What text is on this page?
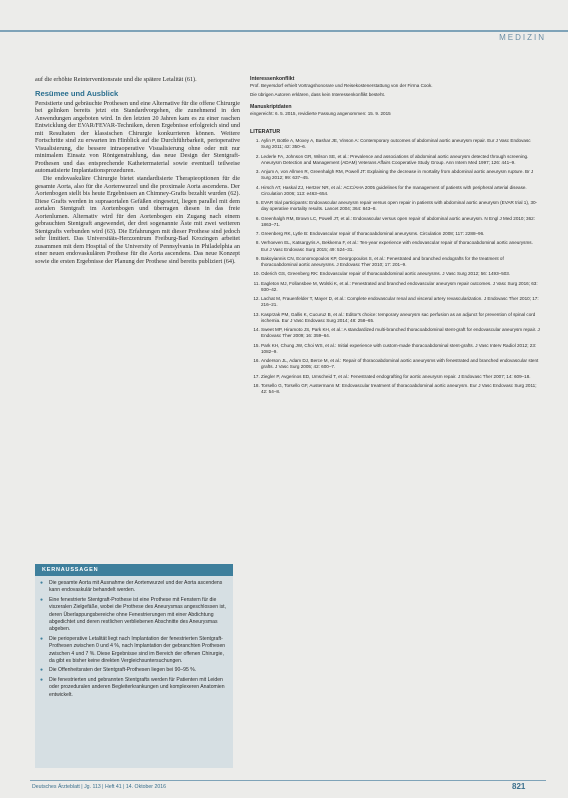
MEDIZIN

auf die erhöhte Reinterventionsrate und die spätere Letalität (61).

Resümee und Ausblick

Persistierte und gebräuchte Prothesen und eine Alternative für die offene Chirurgie bei gelinken bereits jetzt ein Standardvorgehen, die zunehmend in den Anwendungen angeboten wird. In den letzten 20 Jahren kam es zu einer raschen Entwicklung der EVAR/FEVAR-Techniken, deren Ergebnisse erfolgreich sind und mit Resultaten der klassischen Chirurgie konkurrieren können. Weitere Fortschritte sind zu erwarten im Hinblick auf die Durchführbarkeit, perioperative Visualisierung, die bessere intraoperative Visualisierung ohne oder mit nur minimalem Einsatz von Röntgenstrahlung, das neue Design der Stentgraft-Prothesen und das entsprechende Kathetermaterial sowie eventuell teilweise automatisierte Implantationsprozeduren.

Die endovaskuläre Chirurgie bietet standardisierte Therapieoptionen für die gesamte Aorta, also für die Aortenwurzel und die proximale Aorta ascendens. Der Aortenbogen stellt bis heute Ergebnissen an Chimney-Grafts bezahlt wurden (62). Diese Grafts werden in supraaortalen Gefäßen eingesetzt, liegen parallel mit dem aortalen Stentgraft im Aortenbogen und überragen diesen in das freie Aortenlumen. Alternativ wird für den Aortenbogen ein Zugang nach einem gebrauchten Stentgraft angewendet, der drei sogenannte Äste mit zwei weiteren Stentgrafts verbunden wird (63). Die Erfahrungen mit dieser Prothese sind jedoch sehr limitiert. Das Universitäts-Herzzentrum Freiburg-Bad Krozingen arbeitet zusammen mit dem Hospital of the University of Pennsylvania in Philadelphia an einer neuen endovaskulären Prothese für die Aorta ascendens. Das neue Konzept sowie die ersten Ergebnisse der Planung der Prothese sind bereits publiziert (64).

KERNAUSSAGEN
● Die gesamte Aorta mit Ausnahme der Aortenwurzel und der Aorta ascendens kann endovaskulär behandelt werden.
● Eine fenestrierte Stentgraft-Prothese ist eine Prothese mit Fenstern für die viszeralen Zielgefäße, wobei die Prothese des Aneurysmas angeschlossen ist, deren Überlappungsbereiche ohne Fenestrierungen mit einer Abdichtung abgedichtet und deren restlichen verbliebenen Abschnitte des Aneurysmas abgeben.
● Die perioperative Letalität liegt nach Implantation der fenestrierten Stentgraft-Prothesen zwischen 0 und 4 %, nach Implantation der gebranchten Prothesen zwischen 4 und 7 %. Diese Ergebnisse sind im Bereich der offenen Chirurgie, da gibt es bisher keine direkten Vergleichsuntersuchungen.
● Die Offenheitsraten der Stentgraft-Prothesen liegen bei 90–95 %.
● Die fenestrierten und gebrannten Stentgrafts werden für Patienten mit Leiden oder prozeduralen anderen Begleiterkrankungen und komplexeren Anatomien entwickelt.
Interessenkonflikt
Prof. Beyersdorf erhielt Vortragshonorare und Reisekostenerstattung von der Firma Cook.
Die übrigen Autoren erklären, dass kein Interessenkonflikt besteht.
Manuskriptdaten
eingereicht: 6. 5. 2015, revidierte Fassung angenommen: 15. 9. 2015
LITERATUR
1. Aylin P, Bottle A, Moxey A, Bashar JE, Vinson A: Contemporary outcomes of abdominal aortic aneurysm repair. Eur J Vasc Endovasc Surg 2011; 42: 350–6.
2. Lederle FA, Johnson GR, Wilson SE, et al.: Prevalence and associations of abdominal aortic aneurysm detected through screening. Aneurysm Detection and Management (ADAM) Veterans Affairs Cooperative Study Group. Ann Intern Med 1997; 126: 441–9.
3. Anjum A, von Allmen R, Greenhalgh RM, Powell JT: Explaining the decrease in mortality from abdominal aortic aneurysm rupture. Br J Surg 2012; 99: 637–45.
4. Hirsch AT, Haskal ZJ, Hertzer NR, et al.: ACC/AHA 2005 guidelines for the management of patients with peripheral arterial disease. Circulation 2006; 113: e463–654.
5. EVAR trial participants: Endovascular aneurysm repair versus open repair in patients with abdominal aortic aneurysm (EVAR trial 1), 30-day operative mortality results. Lancet 2004; 364: 843–8.
6. Greenhalgh RM, Brown LC, Powell JT, et al.: Endovascular versus open repair of abdominal aortic aneurysm. N Engl J Med 2010; 362: 1863–71.
7. Greenberg RK, Lytle B: Endovascular repair of thoracoabdominal aneurysms. Circulation 2008; 117: 2288–96.
8. Verhoeven EL, Katsargyris A, Bekkema F, et al.: Ten-year experience with endovascular repair of thoracoabdominal aortic aneurysms. Eur J Vasc Endovasc Surg 2015; 49: 524–31.
9. Bakoyiannis CN, Economopoulos KP, Georgopoulos S, et al.: Fenestrated and branched endografts for the treatment of thoracoabdominal aortic aneurysms. J Endovasc Ther 2010; 17: 201–9.
10. Oderich GS, Greenberg RK: Endovascular repair of thoracoabdominal aortic aneurysms. J Vasc Surg 2012; 56: 1493–503.
11. Eagleton MJ, Follansbee M, Wolski K, et al.: Fenestrated and branched endovascular aneurysm repair outcomes. J Vasc Surg 2016; 63: 930–42.
12. Lachat M, Frauenfelder T, Mayer D, et al.: Complete endovascular renal and visceral artery revascularization. J Endovasc Ther 2010; 17: 216–21.
13. Kasprzak PM, Gallis K, Cucuruz B, et al.: Editor's choice: temporary aneurysm sac perfusion as an adjunct for prevention of spinal cord ischemia. Eur J Vasc Endovasc Surg 2014; 48: 258–65.
14. Sweet MP, Hiramoto JS, Park KH, et al.: A standardized multi-branched thoracoabdominal stent-graft for endovascular aneurysm repair. J Endovasc Ther 2009; 16: 359–64.
15. Park KH, Chung JW, Choi WS, et al.: Initial experience with custom-made thoracoabdominal stent-grafts. J Vasc Interv Radiol 2012; 23: 1082–9.
16. Anderson JL, Adam DJ, Berce M, et al.: Repair of thoracoabdominal aortic aneurysms with fenestrated and branched endovascular stent grafts. J Vasc Surg 2005; 42: 600–7.
17. Ziegler P, Avgerinos ED, Umscheid T, et al.: Fenestrated endografting for aortic aneurysm repair. J Endovasc Ther 2007; 14: 609–18.
18. Torsello G, Torsello GF, Austermann M: Endovascular treatment of thoracoabdominal aortic aneurysm. Eur J Vasc Endovasc Surg 2011; 42: 54–8.
Deutsches Ärzteblatt | Jg. 113 | Heft 41 | 14. Oktober 2016	821
